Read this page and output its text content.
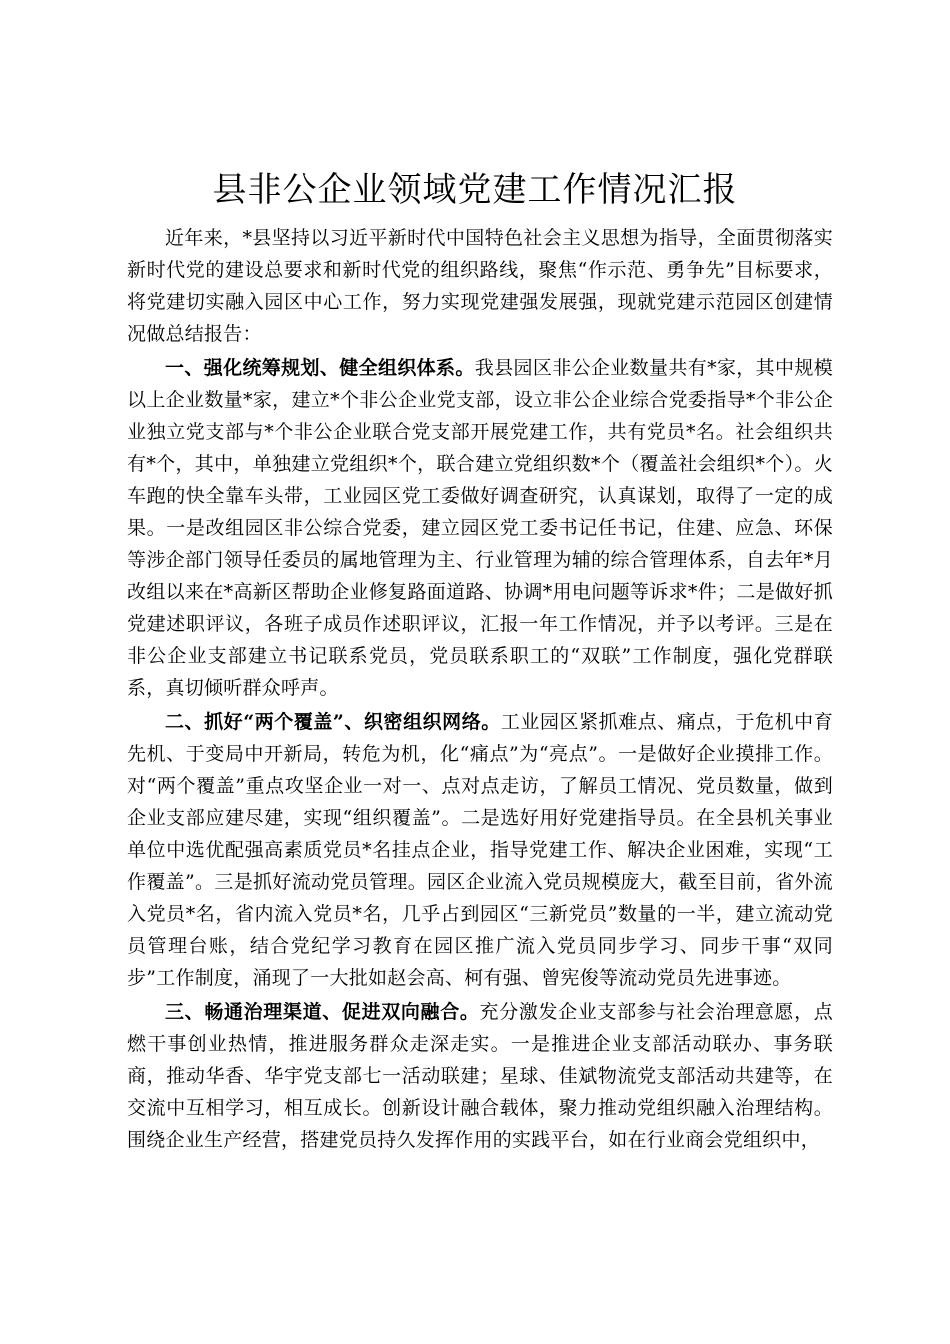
县非公企业领域党建工作情况汇报

近年来，*县坚持以习近平新时代中国特色社会主义思想为指导，全面贯彻落实新时代党的建设总要求和新时代党的组织路线，聚焦“作示范、勇争先”目标要求，将党建切实融入园区中心工作，努力实现党建强发展强，现就党建示范园区创建情况做总结报告：

一、强化统筹规划、健全组织体系。我县园区非公企业数量共有*家，其中规模以上企业数量*家，建立*个非公企业党支部，设立非公企业综合党委指导*个非公企业独立党支部与*个非公企业联合党支部开展党建工作，共有党员*名。社会组织共有*个，其中，单独建立党组织*个，联合建立党组织数*个（覆盖社会组织*个）。火车跑的快全靠车头带，工业园区党工委做好调查研究，认真谋划，取得了一定的成果。一是改组园区非公综合党委，建立园区党工委书记任书记，住建、应急、环保等涉企部门领导任委员的属地管理为主、行业管理为辅的综合管理体系，自去年*月改组以来在*高新区帮助企业修复路面道路、协调*用电问题等诉求*件；二是做好抓党建述职评议，各班子成员作述职评议，汇报一年工作情况，并予以考评。三是在非公企业支部建立书记联系党员，党员联系职工的“双联”工作制度，强化党群联系，真切倾听群众呼声。

二、抓好“两个覆盖”、织密组织网络。工业园区紧抓难点、痛点，于危机中育先机、于变局中开新局，转危为机，化“痛点”为“亮点”。一是做好企业摸排工作。对“两个覆盖”重点攻坚企业一对一、点对点走访，了解员工情况、党员数量，做到企业支部应建尽建，实现“组织覆盖”。二是选好用好党建指导员。在全县机关事业单位中选优配强高素质党员*名挂点企业，指导党建工作、解决企业困难，实现“工作覆盖”。三是抓好流动党员管理。园区企业流入党员规模庞大，截至目前，省外流入党员*名，省内流入党员*名，几乎占到园区“三新党员”数量的一半，建立流动党员管理台账，结合党纪学习教育在园区推广流入党员同步学习、同步干事“双同步”工作制度，涌现了一大批如赵会高、柯有强、曾宪俊等流动党员先进事迹。

三、畅通治理渠道、促进双向融合。充分激发企业支部参与社会治理意愿，点燃干事创业热情，推进服务群众走深走实。一是推进企业支部活动联办、事务联商，推动华香、华宇党支部七一活动联建；星球、佳斌物流党支部活动共建等，在交流中互相学习，相互成长。创新设计融合载体，聚力推动党组织融入治理结构。围绕企业生产经营，搭建党员持久发挥作用的实践平台，如在行业商会党组织中，
